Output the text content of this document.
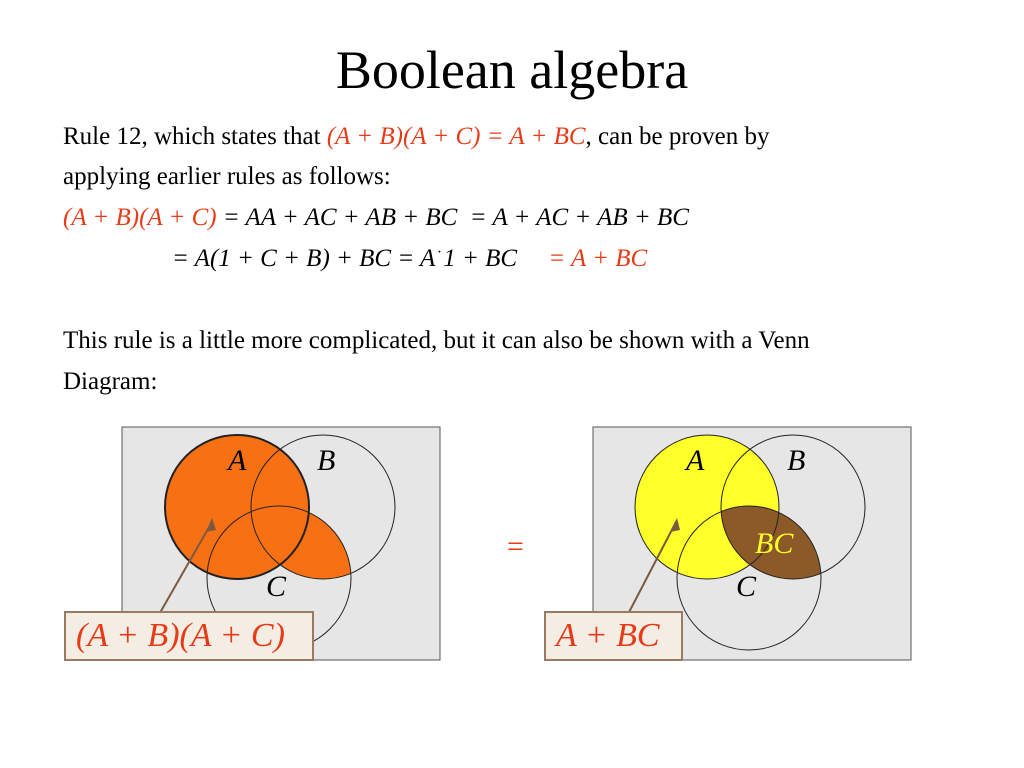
Boolean algebra
Rule 12, which states that (A + B)(A + C) = A + BC, can be proven by
applying earlier rules as follows:
(A + B)(A + C) = AA + AC + AB + BC = A + AC + AB + BC
= A(1 + C + B) + BC = A ·1 + BC = A + BC
This rule is a little more complicated, but it can also be shown with a Venn
Diagram:
A B
C
A	B
C
BC
=
(A + B)(A + C)	A + BC
